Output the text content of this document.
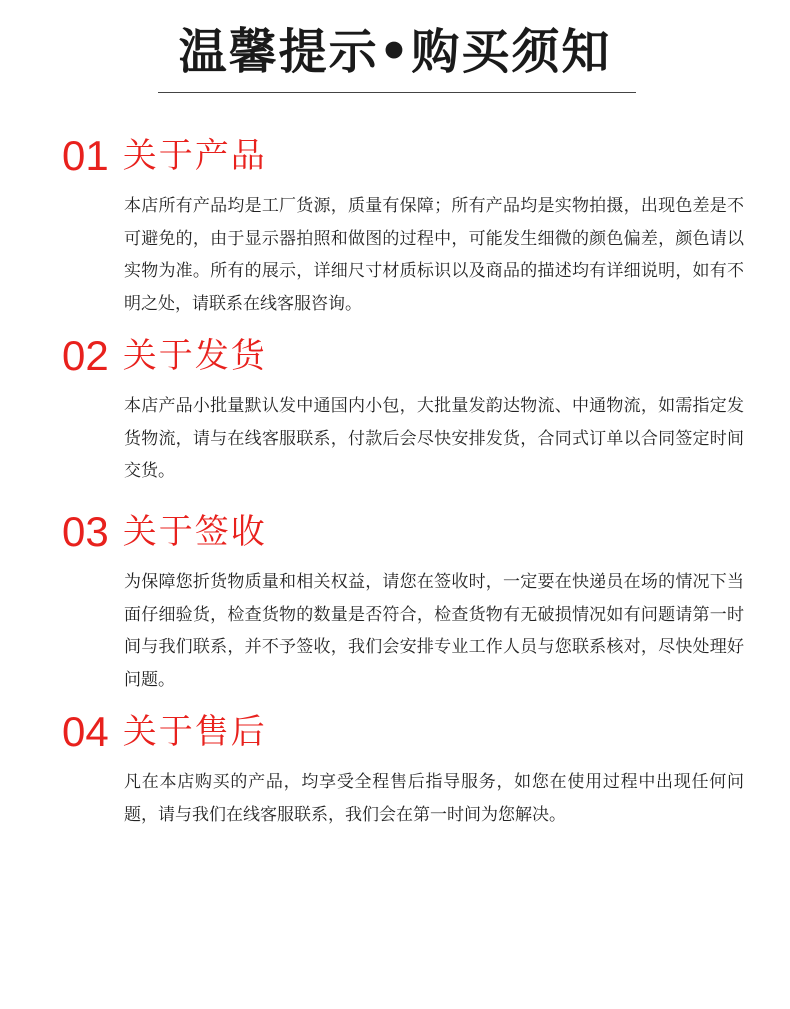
温馨提示•购买须知
01 关于产品
本店所有产品均是工厂货源，质量有保障；所有产品均是实物拍摄，出现色差是不可避免的，由于显示器拍照和做图的过程中，可能发生细微的颜色偏差，颜色请以实物为准。所有的展示，详细尺寸材质标识以及商品的描述均有详细说明，如有不明之处，请联系在线客服咨询。
02 关于发货
本店产品小批量默认发中通国内小包，大批量发韵达物流、中通物流，如需指定发货物流，请与在线客服联系，付款后会尽快安排发货，合同式订单以合同签定时间交货。
03 关于签收
为保障您折货物质量和相关权益，请您在签收时，一定要在快递员在场的情况下当面仔细验货，检查货物的数量是否符合，检查货物有无破损情况如有问题请第一时间与我们联系，并不予签收，我们会安排专业工作人员与您联系核对，尽快处理好问题。
04 关于售后
凡在本店购买的产品，均享受全程售后指导服务，如您在使用过程中出现任何问题，请与我们在线客服联系，我们会在第一时间为您解决。
